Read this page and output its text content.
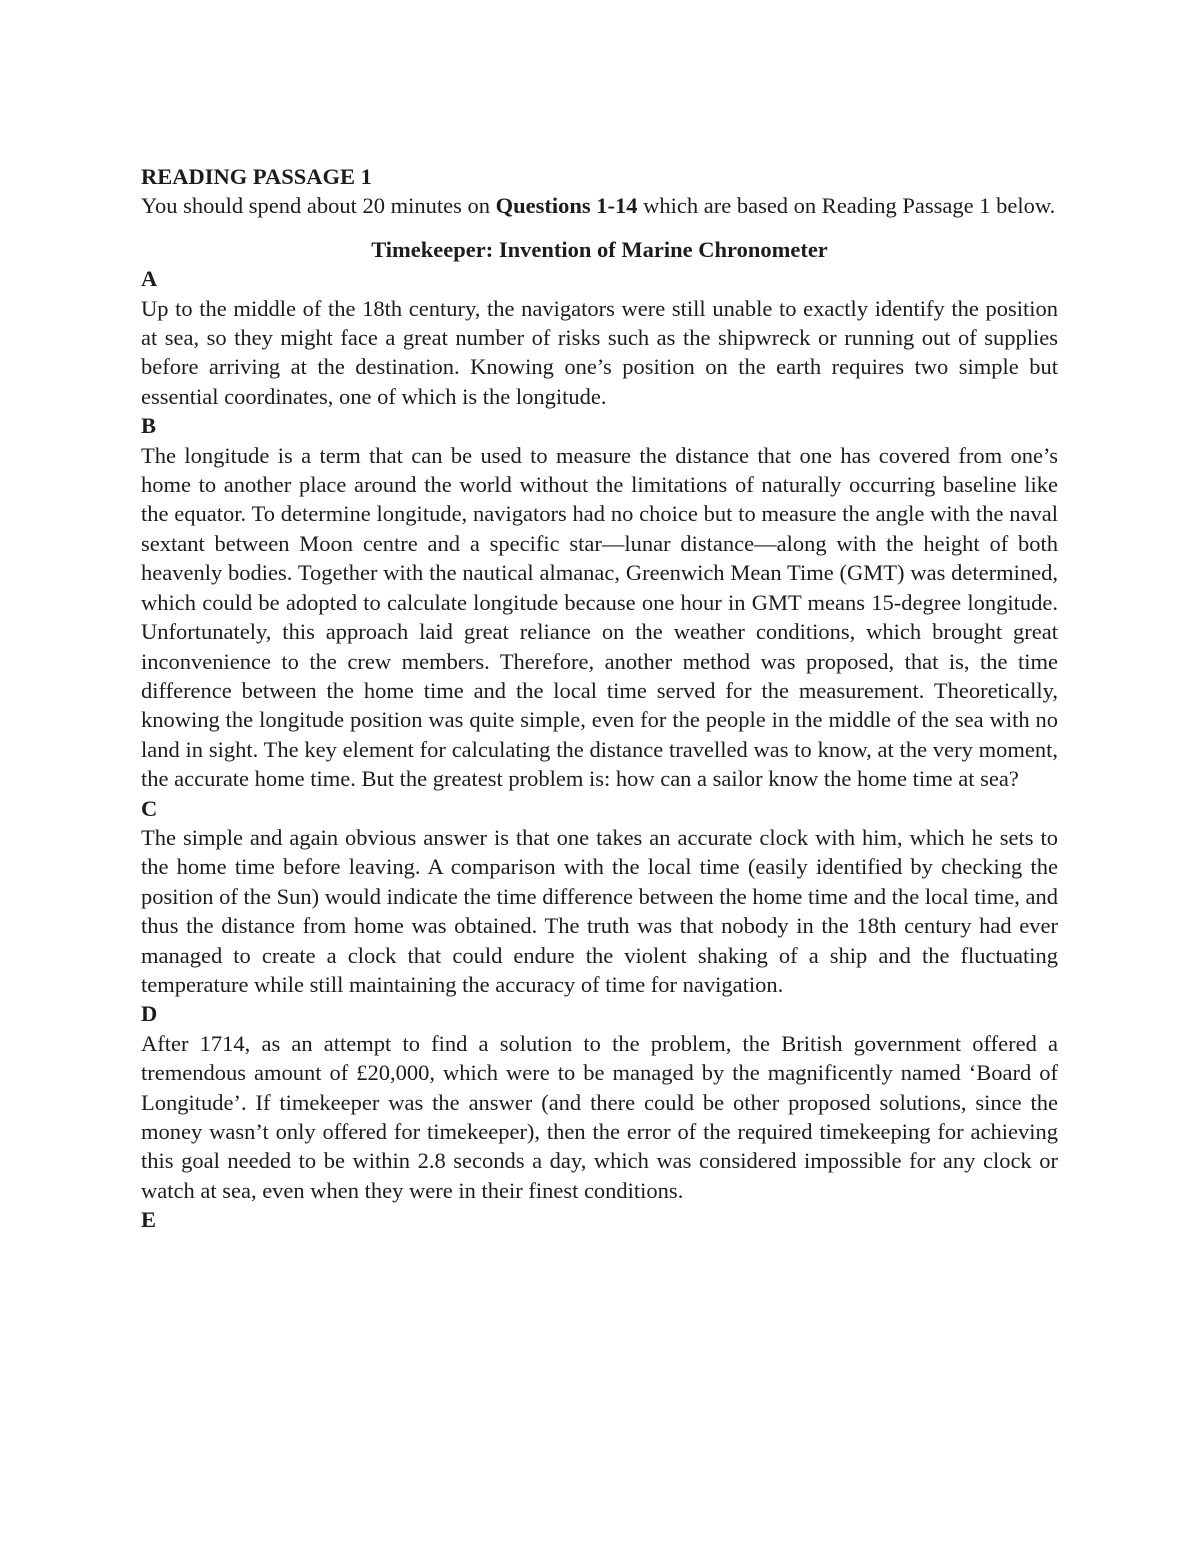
READING PASSAGE 1

You should spend about 20 minutes on Questions 1-14 which are based on Reading Passage 1 below.

Timekeeper: Invention of Marine Chronometer

A

Up to the middle of the 18th century, the navigators were still unable to exactly identify the position at sea, so they might face a great number of risks such as the shipwreck or running out of supplies before arriving at the destination. Knowing one’s position on the earth requires two simple but essential coordinates, one of which is the longitude.

B

The longitude is a term that can be used to measure the distance that one has covered from one’s home to another place around the world without the limitations of naturally occurring baseline like the equator. To determine longitude, navigators had no choice but to measure the angle with the naval sextant between Moon centre and a specific star—lunar distance—along with the height of both heavenly bodies. Together with the nautical almanac, Greenwich Mean Time (GMT) was determined, which could be adopted to calculate longitude because one hour in GMT means 15-degree longitude. Unfortunately, this approach laid great reliance on the weather conditions, which brought great inconvenience to the crew members. Therefore, another method was proposed, that is, the time difference between the home time and the local time served for the measurement. Theoretically, knowing the longitude position was quite simple, even for the people in the middle of the sea with no land in sight. The key element for calculating the distance travelled was to know, at the very moment, the accurate home time. But the greatest problem is: how can a sailor know the home time at sea?

C

The simple and again obvious answer is that one takes an accurate clock with him, which he sets to the home time before leaving. A comparison with the local time (easily identified by checking the position of the Sun) would indicate the time difference between the home time and the local time, and thus the distance from home was obtained. The truth was that nobody in the 18th century had ever managed to create a clock that could endure the violent shaking of a ship and the fluctuating temperature while still maintaining the accuracy of time for navigation.

D

After 1714, as an attempt to find a solution to the problem, the British government offered a tremendous amount of £20,000, which were to be managed by the magnificently named ‘Board of Longitude’. If timekeeper was the answer (and there could be other proposed solutions, since the money wasn’t only offered for timekeeper), then the error of the required timekeeping for achieving this goal needed to be within 2.8 seconds a day, which was considered impossible for any clock or watch at sea, even when they were in their finest conditions.

E
